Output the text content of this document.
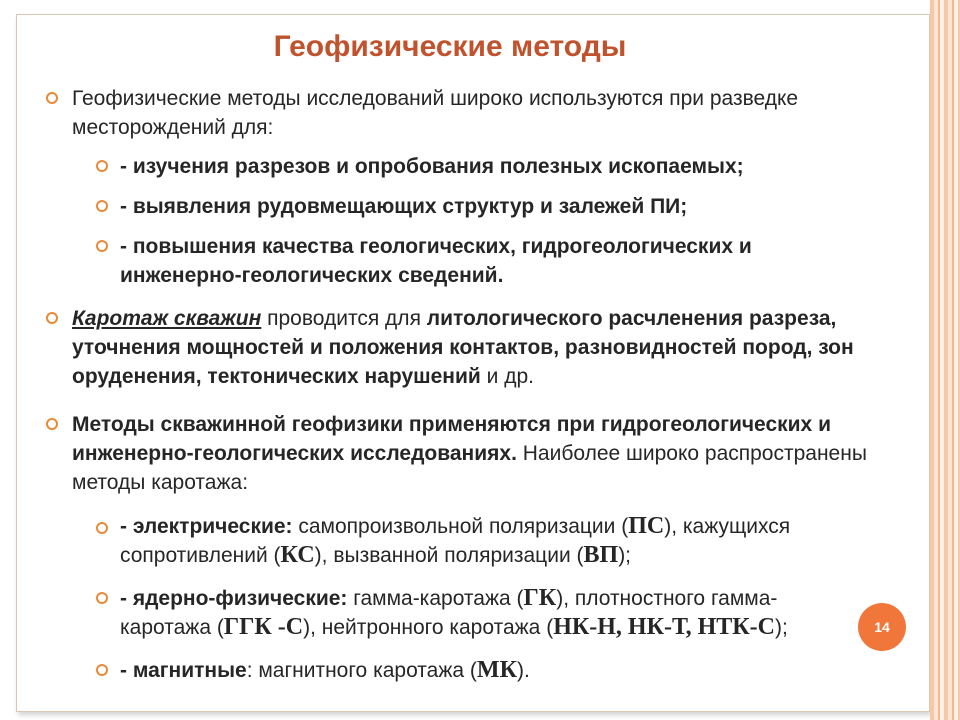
Геофизические методы
Геофизические методы исследований широко используются при разведке месторождений для:
- изучения разрезов и опробования полезных ископаемых;
- выявления рудовмещающих структур и залежей ПИ;
- повышения качества геологических, гидрогеологических и инженерно-геологических сведений.
Каротаж скважин проводится для литологического расчленения разреза, уточнения мощностей и положения контактов, разновидностей пород, зон оруденения, тектонических нарушений и др.
Методы скважинной геофизики применяются при гидрогеологических и инженерно-геологических исследованиях. Наиболее широко распространены методы каротажа:
- электрические: самопроизвольной поляризации (ПС), кажущихся сопротивлений (КС), вызванной поляризации (ВП);
- ядерно-физические: гамма-каротажа (ГК), плотностного гамма-каротажа (ГГК -С), нейтронного каротажа (НК-Н, НК-Т, НТК-С);
- магнитные: магнитного каротажа (МК).
14
